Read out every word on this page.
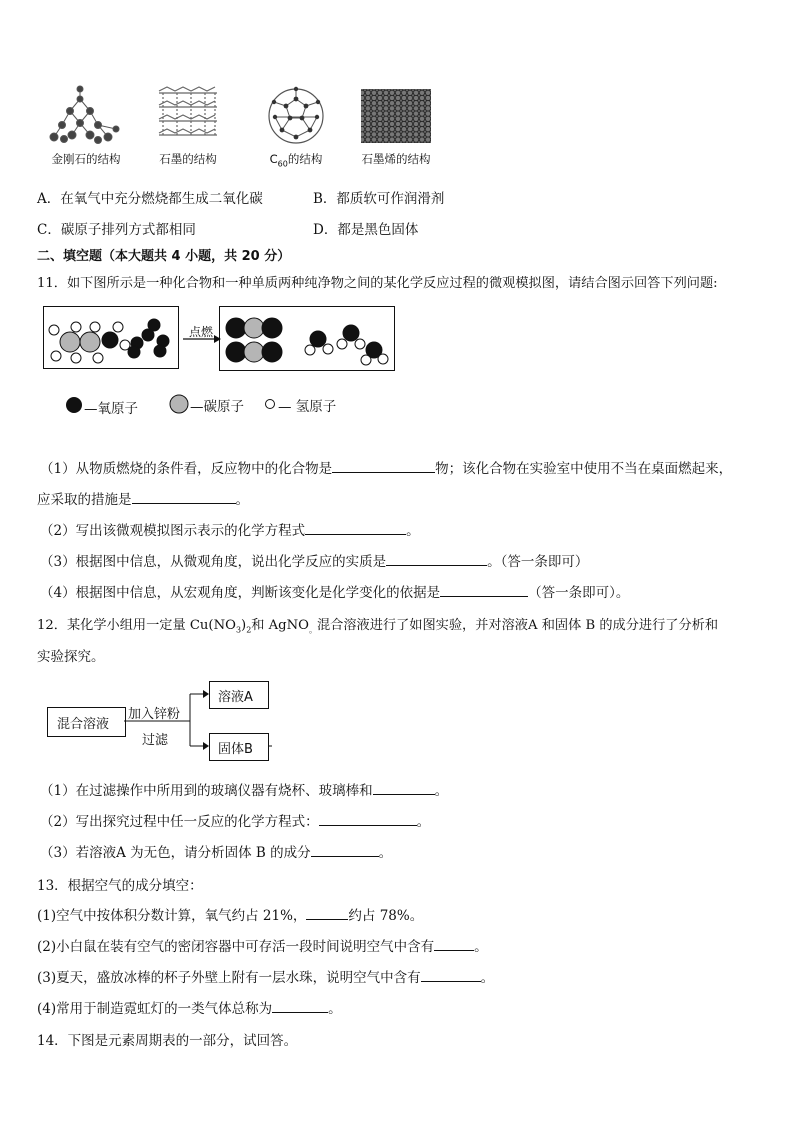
金刚石的结构	石墨的结构	$C_{60}$的结构	石墨烯的结构
A．在氧气中充分燃烧都生成二氧化碳	B．都质软可作润滑剂
C．碳原子排列方式都相同	D．都是黑色固体
二、填空题（本大题共 4 小题，共 20 分）
11．如下图所示是一种化合物和一种单质两种纯净物之间的某化学反应过程的微观模拟图，请结合图示回答下列问题:
点燃
—氧原子	—碳原子	— 氢原子
（1）从物质燃烧的条件看，反应物中的化合物是	物；该化合物在实验室中使用不当在桌面燃起来，
应采取的措施是	。
（2）写出该微观模拟图示表示的化学方程式	。
（3）根据图中信息，从微观角度，说出化学反应的实质是	。（答一条即可）
（4）根据图中信息，从宏观角度，判断该变化是化学变化的依据是	（答一条即可）。
12．某化学小组用一定量 $Cu(NO_3)_2$和 AgNO$_。$混合溶液进行了如图实验，并对溶液A 和固体 B 的成分进行了分析和
实验探究。
混合溶液
加入锌粉
过滤
溶液A
固体B
（1）在过滤操作中所用到的玻璃仪器有烧杯、玻璃棒和	。
（2）写出探究过程中任一反应的化学方程式：	。
（3）若溶液A 为无色，请分析固体 B 的成分	。
13．根据空气的成分填空：
(1)空气中按体积分数计算，氧气约占 21%，	约占 78%。
(2)小白鼠在装有空气的密闭容器中可存活一段时间说明空气中含有	。
(3)夏天，盛放冰棒的杯子外壁上附有一层水珠，说明空气中含有	。
(4)常用于制造霓虹灯的一类气体总称为	。
14．下图是元素周期表的一部分，试回答。
